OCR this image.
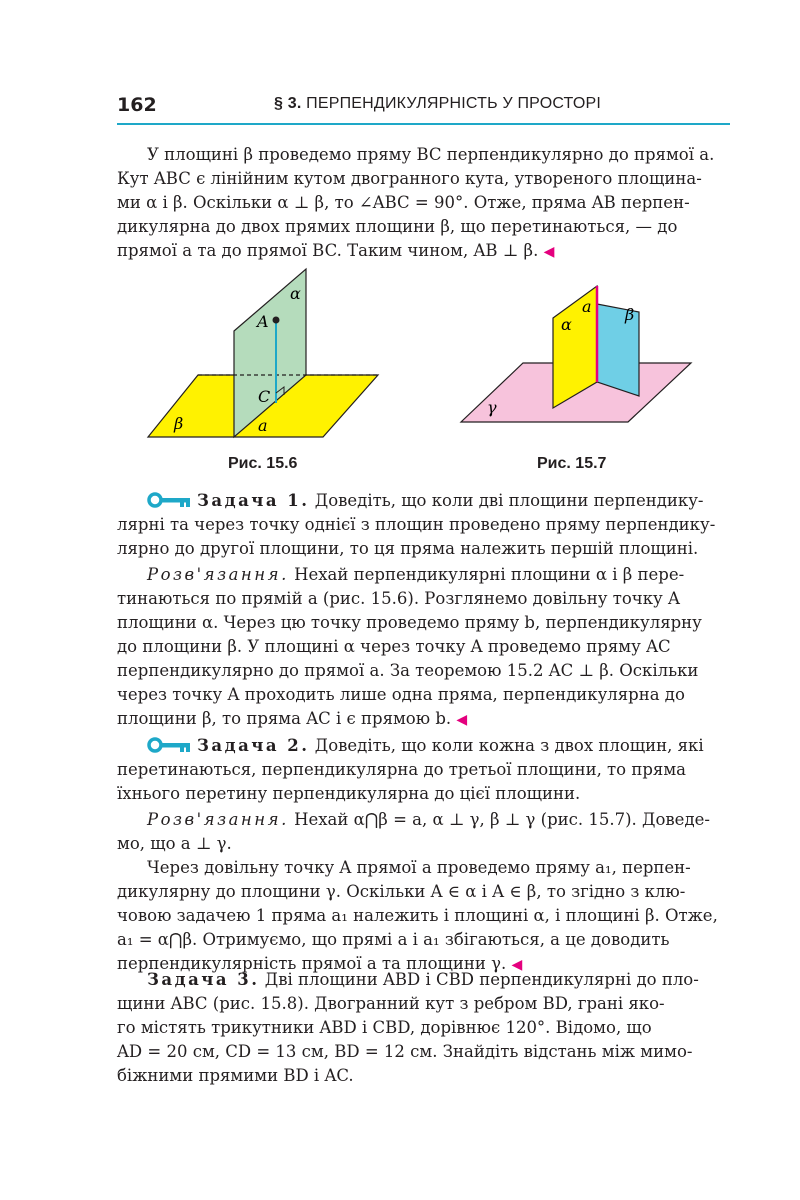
162	§ 3. ПЕРПЕНДИКУЛЯРНІСТЬ У ПРОСТОРІ

У площині β проведемо пряму BC перпендикулярно до прямої a.

Кут ABC є лінійним кутом двогранного кута, утвореного площина-

ми α і β. Оскільки α ⊥ β, то ∠ABC = 90°. Отже, пряма AB перпен-

дикулярна до двох прямих площини β, що перетинаються, — до

прямої a та до прямої BC. Таким чином, AB ⊥ β. ◀

α
A
C
β	a
Рис. 15.6
a
α
β
γ
Рис. 15.7

Задача 1. Доведіть, що коли дві площини перпендику-

лярні та через точку однієї з площин проведено пряму перпендику-

лярно до другої площини, то ця пряма належить першій площині.

Розв'язання. Нехай перпендикулярні площини α і β пере-

тинаються по прямій a (рис. 15.6). Розглянемо довільну точку A

площини α. Через цю точку проведемо пряму b, перпендикулярну

до площини β. У площині α через точку A проведемо пряму AC

перпендикулярно до прямої a. За теоремою 15.2 AC ⊥ β. Оскільки

через точку A проходить лише одна пряма, перпендикулярна до

площини β, то пряма AC і є прямою b. ◀

Задача 2. Доведіть, що коли кожна з двох площин, які

перетинаються, перпендикулярна до третьої площини, то пряма

їхнього перетину перпендикулярна до цієї площини.

Розв'язання. Нехай α⋂β = a, α ⊥ γ, β ⊥ γ (рис. 15.7). Доведе-

мо, що a ⊥ γ.

Через довільну точку A прямої a проведемо пряму a₁, перпен-

дикулярну до площини γ. Оскільки A ∈ α і A ∈ β, то згідно з клю-

човою задачею 1 пряма a₁ належить і площині α, і площині β. Отже,

a₁ = α⋂β. Отримуємо, що прямі a і a₁ збігаються, а це доводить

перпендикулярність прямої a та площини γ. ◀

Задача 3. Дві площини ABD і CBD перпендикулярні до пло-

щини ABC (рис. 15.8). Двогранний кут з ребром BD, грані яко-

го містять трикутники ABD і CBD, дорівнює 120°. Відомо, що

AD = 20 см, CD = 13 см, BD = 12 см. Знайдіть відстань між мимо-

біжними прямими BD і AC.
